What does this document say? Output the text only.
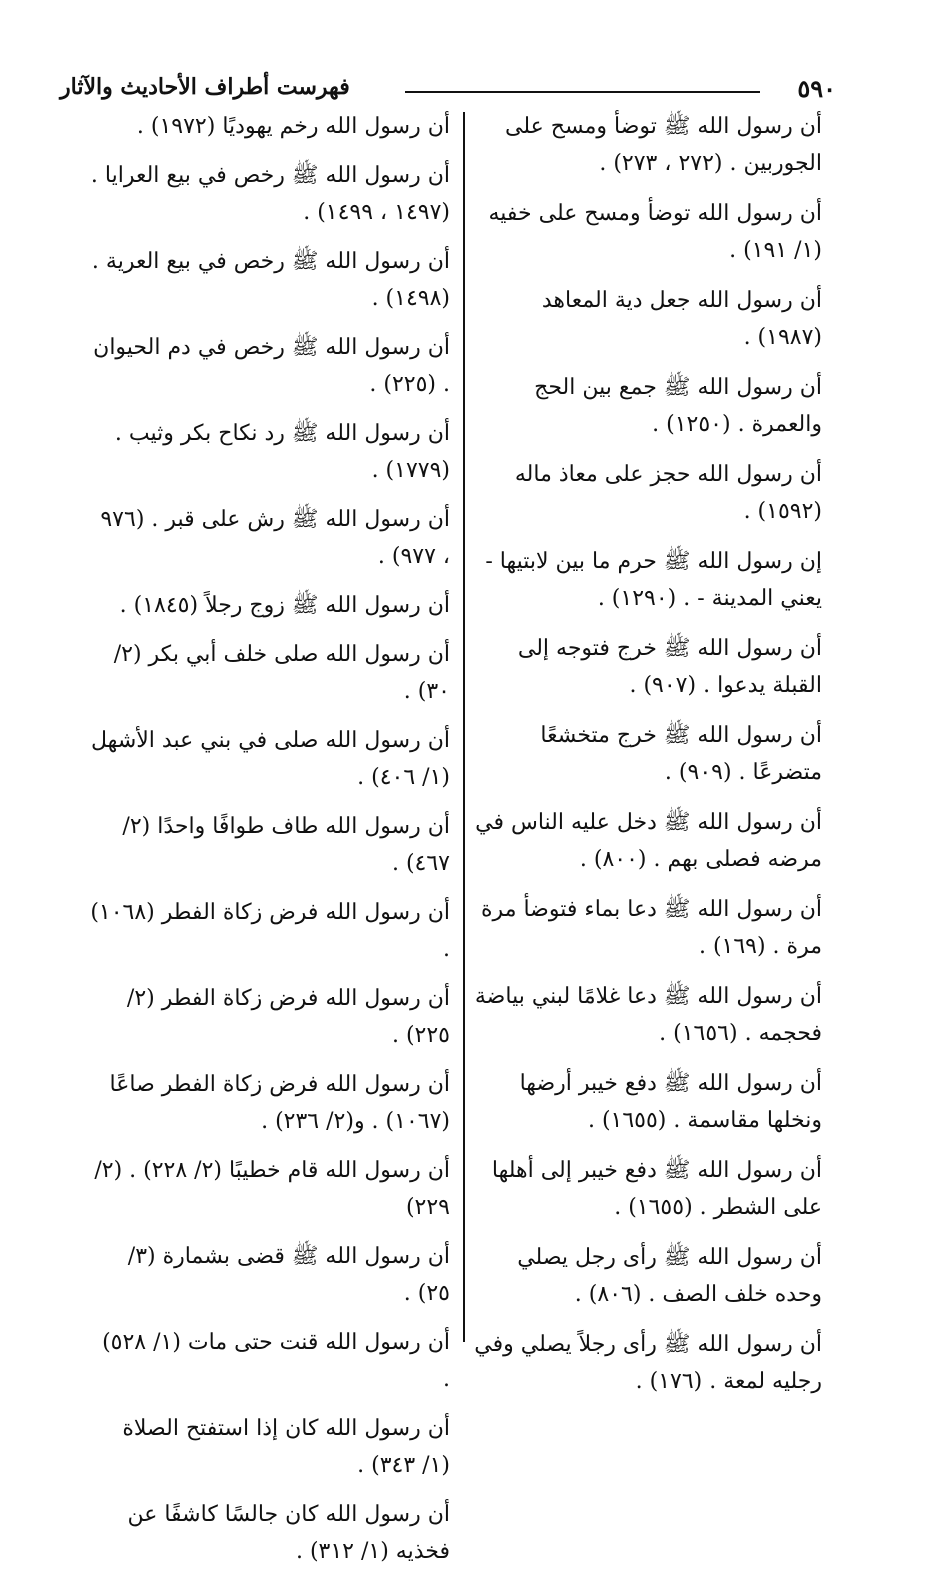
فهرست أطراف الأحاديث والآثار	٥٩٠
أن رسول الله ﷺ توضأ ومسح على الجوربين . (٢٧٢ ، ٢٧٣) .
أن رسول الله توضأ ومسح على خفيه (١/ ١٩١) .
أن رسول الله جعل دية المعاهد (١٩٨٧) .
أن رسول الله ﷺ جمع بين الحج والعمرة . (١٢٥٠) .
أن رسول الله حجز على معاذ ماله (١٥٩٢) .
إن رسول الله ﷺ حرم ما بين لابتيها - يعني المدينة - . (١٢٩٠) .
أن رسول الله ﷺ خرج فتوجه إلى القبلة يدعوا . (٩٠٧) .
أن رسول الله ﷺ خرج متخشعًا متضرعًا . (٩٠٩) .
أن رسول الله ﷺ دخل عليه الناس في مرضه فصلى بهم . (٨٠٠) .
أن رسول الله ﷺ دعا بماء فتوضأ مرة مرة . (١٦٩) .
أن رسول الله ﷺ دعا غلامًا لبني بياضة فحجمه . (١٦٥٦) .
أن رسول الله ﷺ دفع خيبر أرضها ونخلها مقاسمة . (١٦٥٥) .
أن رسول الله ﷺ دفع خيبر إلى أهلها على الشطر . (١٦٥٥) .
أن رسول الله ﷺ رأى رجل يصلي وحده خلف الصف . (٨٠٦) .
أن رسول الله ﷺ رأى رجلاً يصلي وفي رجليه لمعة . (١٧٦) .
أن رسول الله رخم يهوديًا (١٩٧٢) .
أن رسول الله ﷺ رخص في بيع العرايا . (١٤٩٧ ، ١٤٩٩) .
أن رسول الله ﷺ رخص في بيع العرية . (١٤٩٨) .
أن رسول الله ﷺ رخص في دم الحيوان . (٢٢٥) .
أن رسول الله ﷺ رد نكاح بكر وثيب . (١٧٧٩) .
أن رسول الله ﷺ رش على قبر . (٩٧٦ ، ٩٧٧) .
أن رسول الله ﷺ زوج رجلاً (١٨٤٥) .
أن رسول الله صلى خلف أبي بكر (٢/ ٣٠) .
أن رسول الله صلى في بني عبد الأشهل (١/ ٤٠٦) .
أن رسول الله طاف طوافًا واحدًا (٢/ ٤٦٧) .
أن رسول الله فرض زكاة الفطر (١٠٦٨) .
أن رسول الله فرض زكاة الفطر (٢/ ٢٢٥) .
أن رسول الله فرض زكاة الفطر صاعًا (١٠٦٧) . و(٢/ ٢٣٦) .
أن رسول الله قام خطيبًا (٢/ ٢٢٨) . (٢/ ٢٢٩)
أن رسول الله ﷺ قضى بشمارة (٣/ ٢٥) .
أن رسول الله قنت حتى مات (١/ ٥٢٨) .
أن رسول الله كان إذا استفتح الصلاة (١/ ٣٤٣) .
أن رسول الله كان جالسًا كاشفًا عن فخذيه (١/ ٣١٢) .
